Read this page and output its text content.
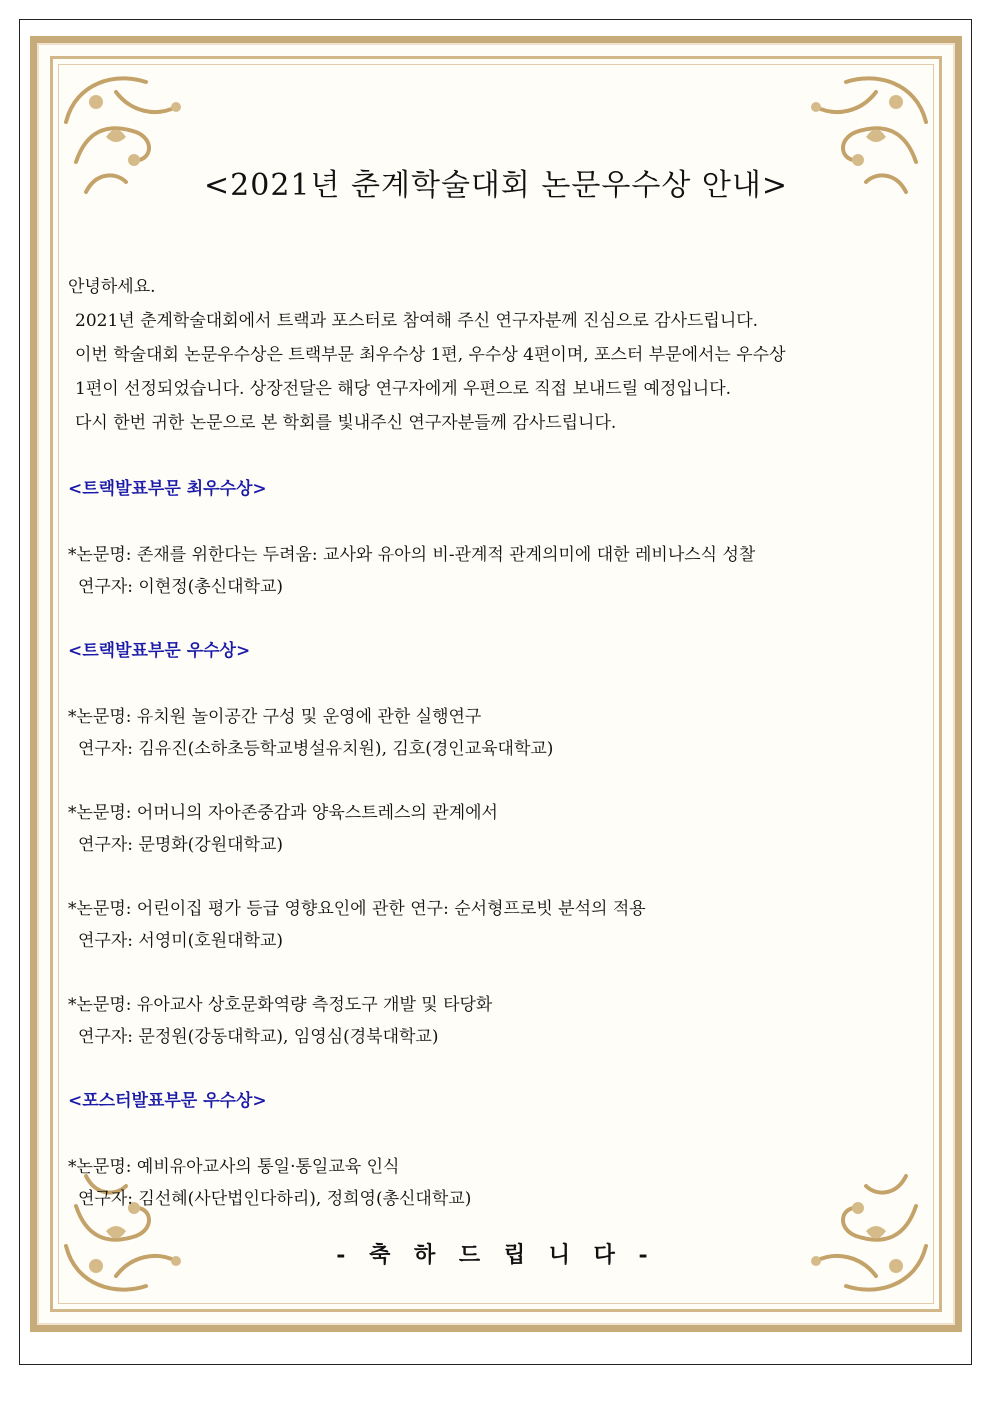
<2021년 춘계학술대회 논문우수상 안내>
안녕하세요.
2021년 춘계학술대회에서 트랙과 포스터로 참여해 주신 연구자분께 진심으로 감사드립니다.
이번 학술대회 논문우수상은 트랙부문 최우수상 1편, 우수상 4편이며, 포스터 부문에서는 우수상
1편이 선정되었습니다. 상장전달은 해당 연구자에게 우편으로 직접 보내드릴 예정입니다.
다시 한번 귀한 논문으로 본 학회를 빛내주신 연구자분들께 감사드립니다.
<트랙발표부문 최우수상>
*논문명: 존재를 위한다는 두려움: 교사와 유아의 비-관계적 관계의미에 대한 레비나스식 성찰
연구자: 이현정(총신대학교)
<트랙발표부문 우수상>
*논문명: 유치원 놀이공간 구성 및 운영에 관한 실행연구
연구자: 김유진(소하초등학교병설유치원), 김호(경인교육대학교)
*논문명: 어머니의 자아존중감과 양육스트레스의 관계에서
연구자: 문명화(강원대학교)
*논문명: 어린이집 평가 등급 영향요인에 관한 연구: 순서형프로빗 분석의 적용
연구자: 서영미(호원대학교)
*논문명: 유아교사 상호문화역량 측정도구 개발 및 타당화
연구자: 문정원(강동대학교), 임영심(경북대학교)
<포스터발표부문 우수상>
*논문명: 예비유아교사의 통일·통일교육 인식
연구자: 김선혜(사단법인다하리), 정희영(총신대학교)
- 축 하 드 립 니 다 -
